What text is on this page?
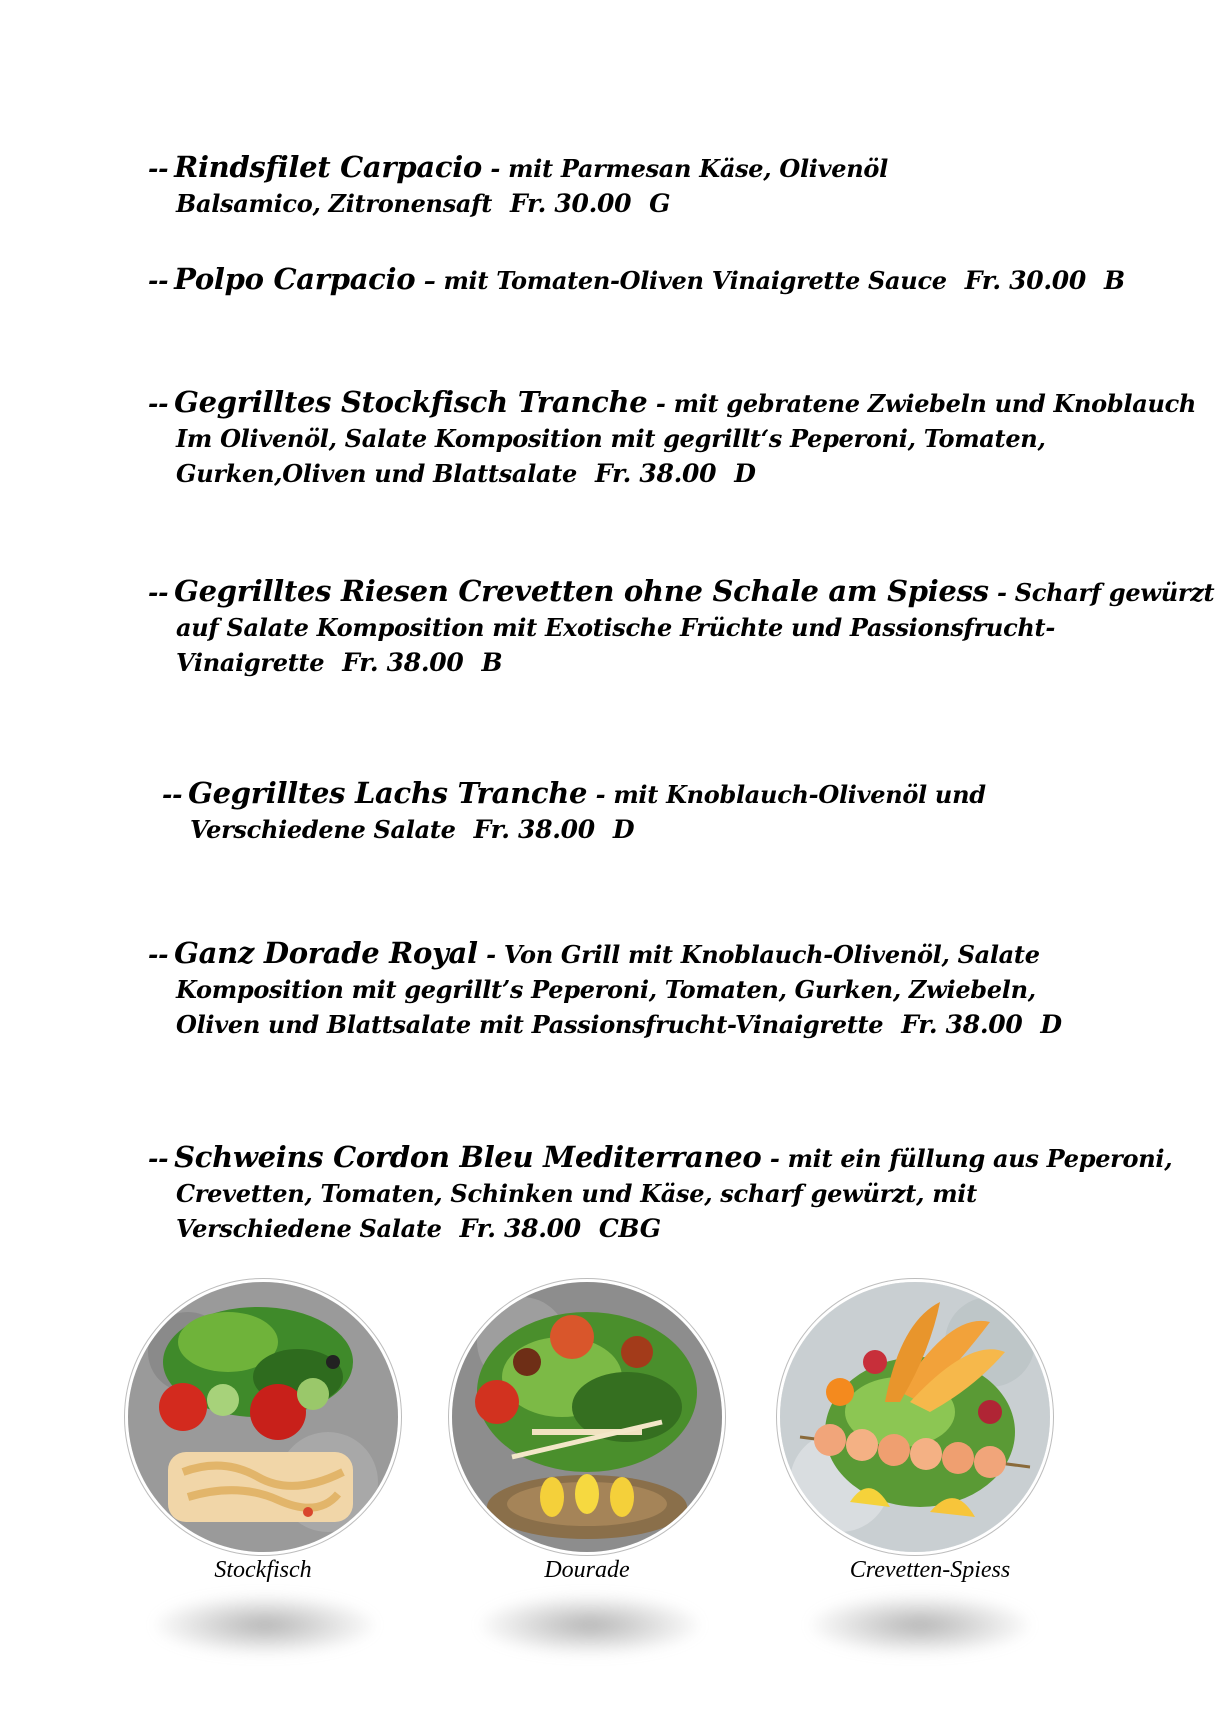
-- Rindsfilet Carpacio - mit Parmesan Käse, Olivenöl
Balsamico, Zitronensaft Fr. 30.00 G
-- Polpo Carpacio – mit Tomaten-Oliven Vinaigrette Sauce Fr. 30.00 B
-- Gegrilltes Stockfisch Tranche - mit gebratene Zwiebeln und Knoblauch
Im Olivenöl, Salate Komposition mit gegrillt‘s Peperoni, Tomaten,
Gurken,Oliven und Blattsalate Fr. 38.00 D
-- Gegrilltes Riesen Crevetten ohne Schale am Spiess - Scharf gewürzt
auf Salate Komposition mit Exotische Früchte und Passionsfrucht-
Vinaigrette Fr. 38.00 B
-- Gegrilltes Lachs Tranche - mit Knoblauch-Olivenöl und
Verschiedene Salate Fr. 38.00 D
-- Ganz Dorade Royal - Von Grill mit Knoblauch-Olivenöl, Salate
Komposition mit gegrillt’s Peperoni, Tomaten, Gurken, Zwiebeln,
Oliven und Blattsalate mit Passionsfrucht-Vinaigrette Fr. 38.00 D
-- Schweins Cordon Bleu Mediterraneo - mit ein füllung aus Peperoni,
Crevetten, Tomaten, Schinken und Käse, scharf gewürzt, mit
Verschiedene Salate Fr. 38.00 CBG
Stockfisch	Dourade	Crevetten-Spiess
